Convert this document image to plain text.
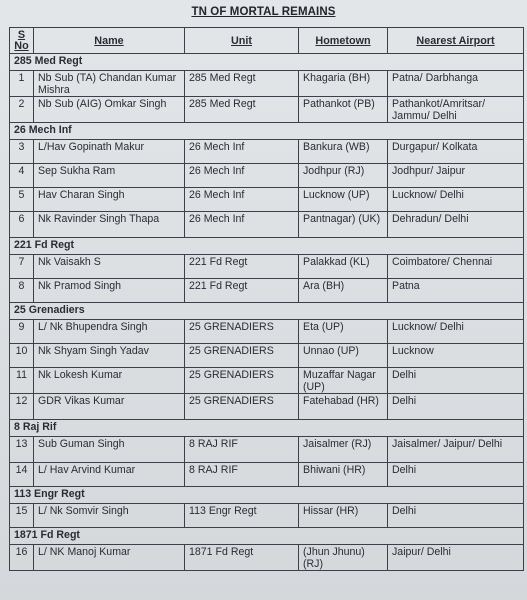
TN OF MORTAL REMAINS
S No	Name	Unit	Hometown	Nearest Airport
285 Med Regt				
1	Nb Sub (TA) Chandan Kumar Mishra	285 Med Regt	Khagaria (BH)	Patna/ Darbhanga
2	Nb Sub (AIG) Omkar Singh	285 Med Regt	Pathankot (PB)	Pathankot/Amritsar/ Jammu/ Delhi
26 Mech Inf				
3	L/Hav Gopinath Makur	26 Mech Inf	Bankura (WB)	Durgapur/ Kolkata
4	Sep Sukha Ram	26 Mech Inf	Jodhpur (RJ)	Jodhpur/ Jaipur
5	Hav Charan Singh	26 Mech Inf	Lucknow (UP)	Lucknow/ Delhi
6	Nk Ravinder Singh Thapa	26 Mech Inf	Pantnagar) (UK)	Dehradun/ Delhi
221 Fd Regt				
7	Nk Vaisakh S	221 Fd Regt	Palakkad (KL)	Coimbatore/ Chennai
8	Nk Pramod Singh	221 Fd Regt	Ara (BH)	Patna
25 Grenadiers				
9	L/ Nk Bhupendra Singh	25 GRENADIERS	Eta (UP)	Lucknow/ Delhi
10	Nk Shyam Singh Yadav	25 GRENADIERS	Unnao (UP)	Lucknow
11	Nk Lokesh Kumar	25 GRENADIERS	Muzaffar Nagar (UP)	Delhi
12	GDR Vikas Kumar	25 GRENADIERS	Fatehabad (HR)	Delhi
8 Raj Rif				
13	Sub Guman Singh	8 RAJ RIF	Jaisalmer (RJ)	Jaisalmer/ Jaipur/ Delhi
14	L/ Hav Arvind Kumar	8 RAJ RIF	Bhiwani (HR)	Delhi
113 Engr Regt				
15	L/ Nk Somvir Singh	113 Engr Regt	Hissar (HR)	Delhi
1871 Fd Regt				
16	L/ NK Manoj Kumar	1871 Fd Regt	(Jhun Jhunu) (RJ)	Jaipur/ Delhi
